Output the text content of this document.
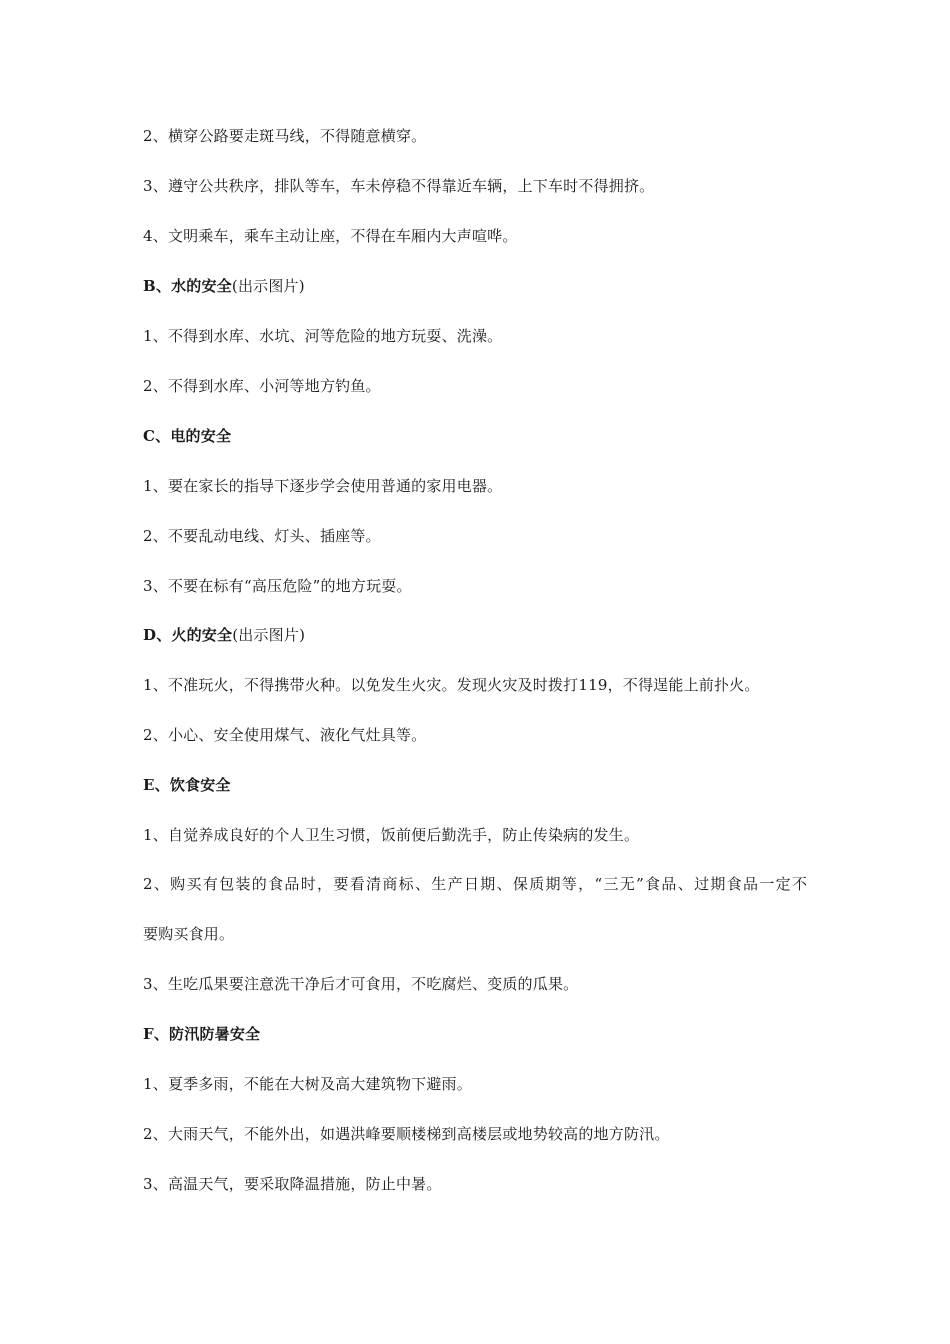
2、横穿公路要走斑马线，不得随意横穿。
3、遵守公共秩序，排队等车，车未停稳不得靠近车辆，上下车时不得拥挤。
4、文明乘车，乘车主动让座，不得在车厢内大声喧哗。
B、水的安全(出示图片)
1、不得到水库、水坑、河等危险的地方玩耍、洗澡。
2、不得到水库、小河等地方钓鱼。
C、电的安全
1、要在家长的指导下逐步学会使用普通的家用电器。
2、不要乱动电线、灯头、插座等。
3、不要在标有“高压危险”的地方玩耍。
D、火的安全(出示图片)
1、不准玩火，不得携带火种。以免发生火灾。发现火灾及时拨打119，不得逞能上前扑火。
2、小心、安全使用煤气、液化气灶具等。
E、饮食安全
1、自觉养成良好的个人卫生习惯，饭前便后勤洗手，防止传染病的发生。
2、购买有包装的食品时，要看清商标、生产日期、保质期等，“三无”食品、过期食品一定不
要购买食用。
3、生吃瓜果要注意洗干净后才可食用，不吃腐烂、变质的瓜果。
F、防汛防暑安全
1、夏季多雨，不能在大树及高大建筑物下避雨。
2、大雨天气，不能外出，如遇洪峰要顺楼梯到高楼层或地势较高的地方防汛。
3、高温天气，要采取降温措施，防止中暑。
